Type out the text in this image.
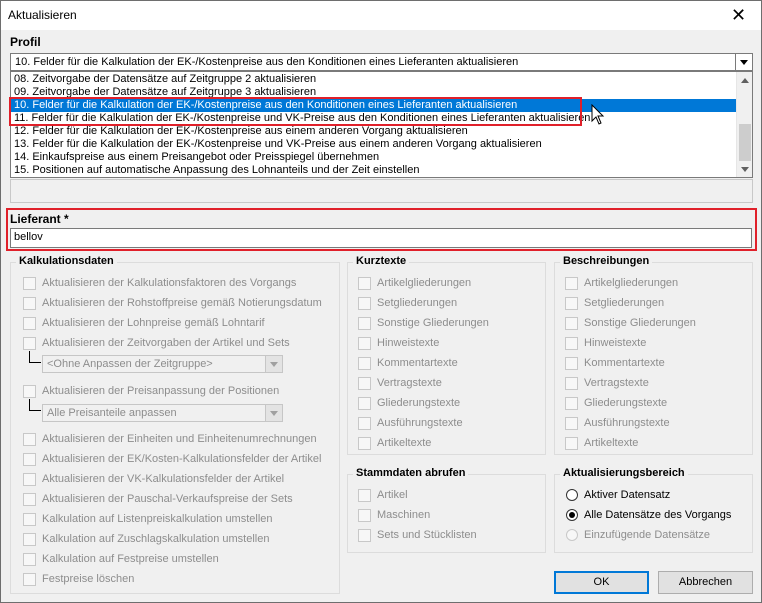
Aktualisieren	✕
Profil
10. Felder für die Kalkulation der EK-/Kostenpreise aus den Konditionen eines Lieferanten aktualisieren
08. Zeitvorgabe der Datensätze auf Zeitgruppe 2 aktualisieren
09. Zeitvorgabe der Datensätze auf Zeitgruppe 3 aktualisieren
10. Felder für die Kalkulation der EK-/Kostenpreise aus den Konditionen eines Lieferanten aktualisieren
11. Felder für die Kalkulation der EK-/Kostenpreise und VK-Preise aus den Konditionen eines Lieferanten aktualisieren
12. Felder für die Kalkulation der EK-/Kostenpreise aus einem anderen Vorgang aktualisieren
13. Felder für die Kalkulation der EK-/Kostenpreise und VK-Preise aus einem anderen Vorgang aktualisieren
14. Einkaufspreise aus einem Preisangebot oder Preisspiegel übernehmen
15. Positionen auf automatische Anpassung des Lohnanteils und der Zeit einstellen
Lieferant *
bellov
Kalkulationsdaten
Aktualisieren der Kalkulationsfaktoren des Vorgangs
Aktualisieren der Rohstoffpreise gemäß Notierungsdatum
Aktualisieren der Lohnpreise gemäß Lohntarif
Aktualisieren der Zeitvorgaben der Artikel und Sets
<Ohne Anpassen der Zeitgruppe>
Aktualisieren der Preisanpassung der Positionen
Alle Preisanteile anpassen
Aktualisieren der Einheiten und Einheitenumrechnungen
Aktualisieren der EK/Kosten-Kalkulationsfelder der Artikel
Aktualisieren der VK-Kalkulationsfelder der Artikel
Aktualisieren der Pauschal-Verkaufspreise der Sets
Kalkulation auf Listenpreiskalkulation umstellen
Kalkulation auf Zuschlagskalkulation umstellen
Kalkulation auf Festpreise umstellen
Festpreise löschen
Kurztexte
Artikelgliederungen
Setgliederungen
Sonstige Gliederungen
Hinweistexte
Kommentartexte
Vertragstexte
Gliederungstexte
Ausführungstexte
Artikeltexte
Beschreibungen
Artikelgliederungen
Setgliederungen
Sonstige Gliederungen
Hinweistexte
Kommentartexte
Vertragstexte
Gliederungstexte
Ausführungstexte
Artikeltexte
Stammdaten abrufen
Artikel
Maschinen
Sets und Stücklisten
Aktualisierungsbereich
Aktiver Datensatz
Alle Datensätze des Vorgangs
Einzufügende Datensätze
OK	Abbrechen
